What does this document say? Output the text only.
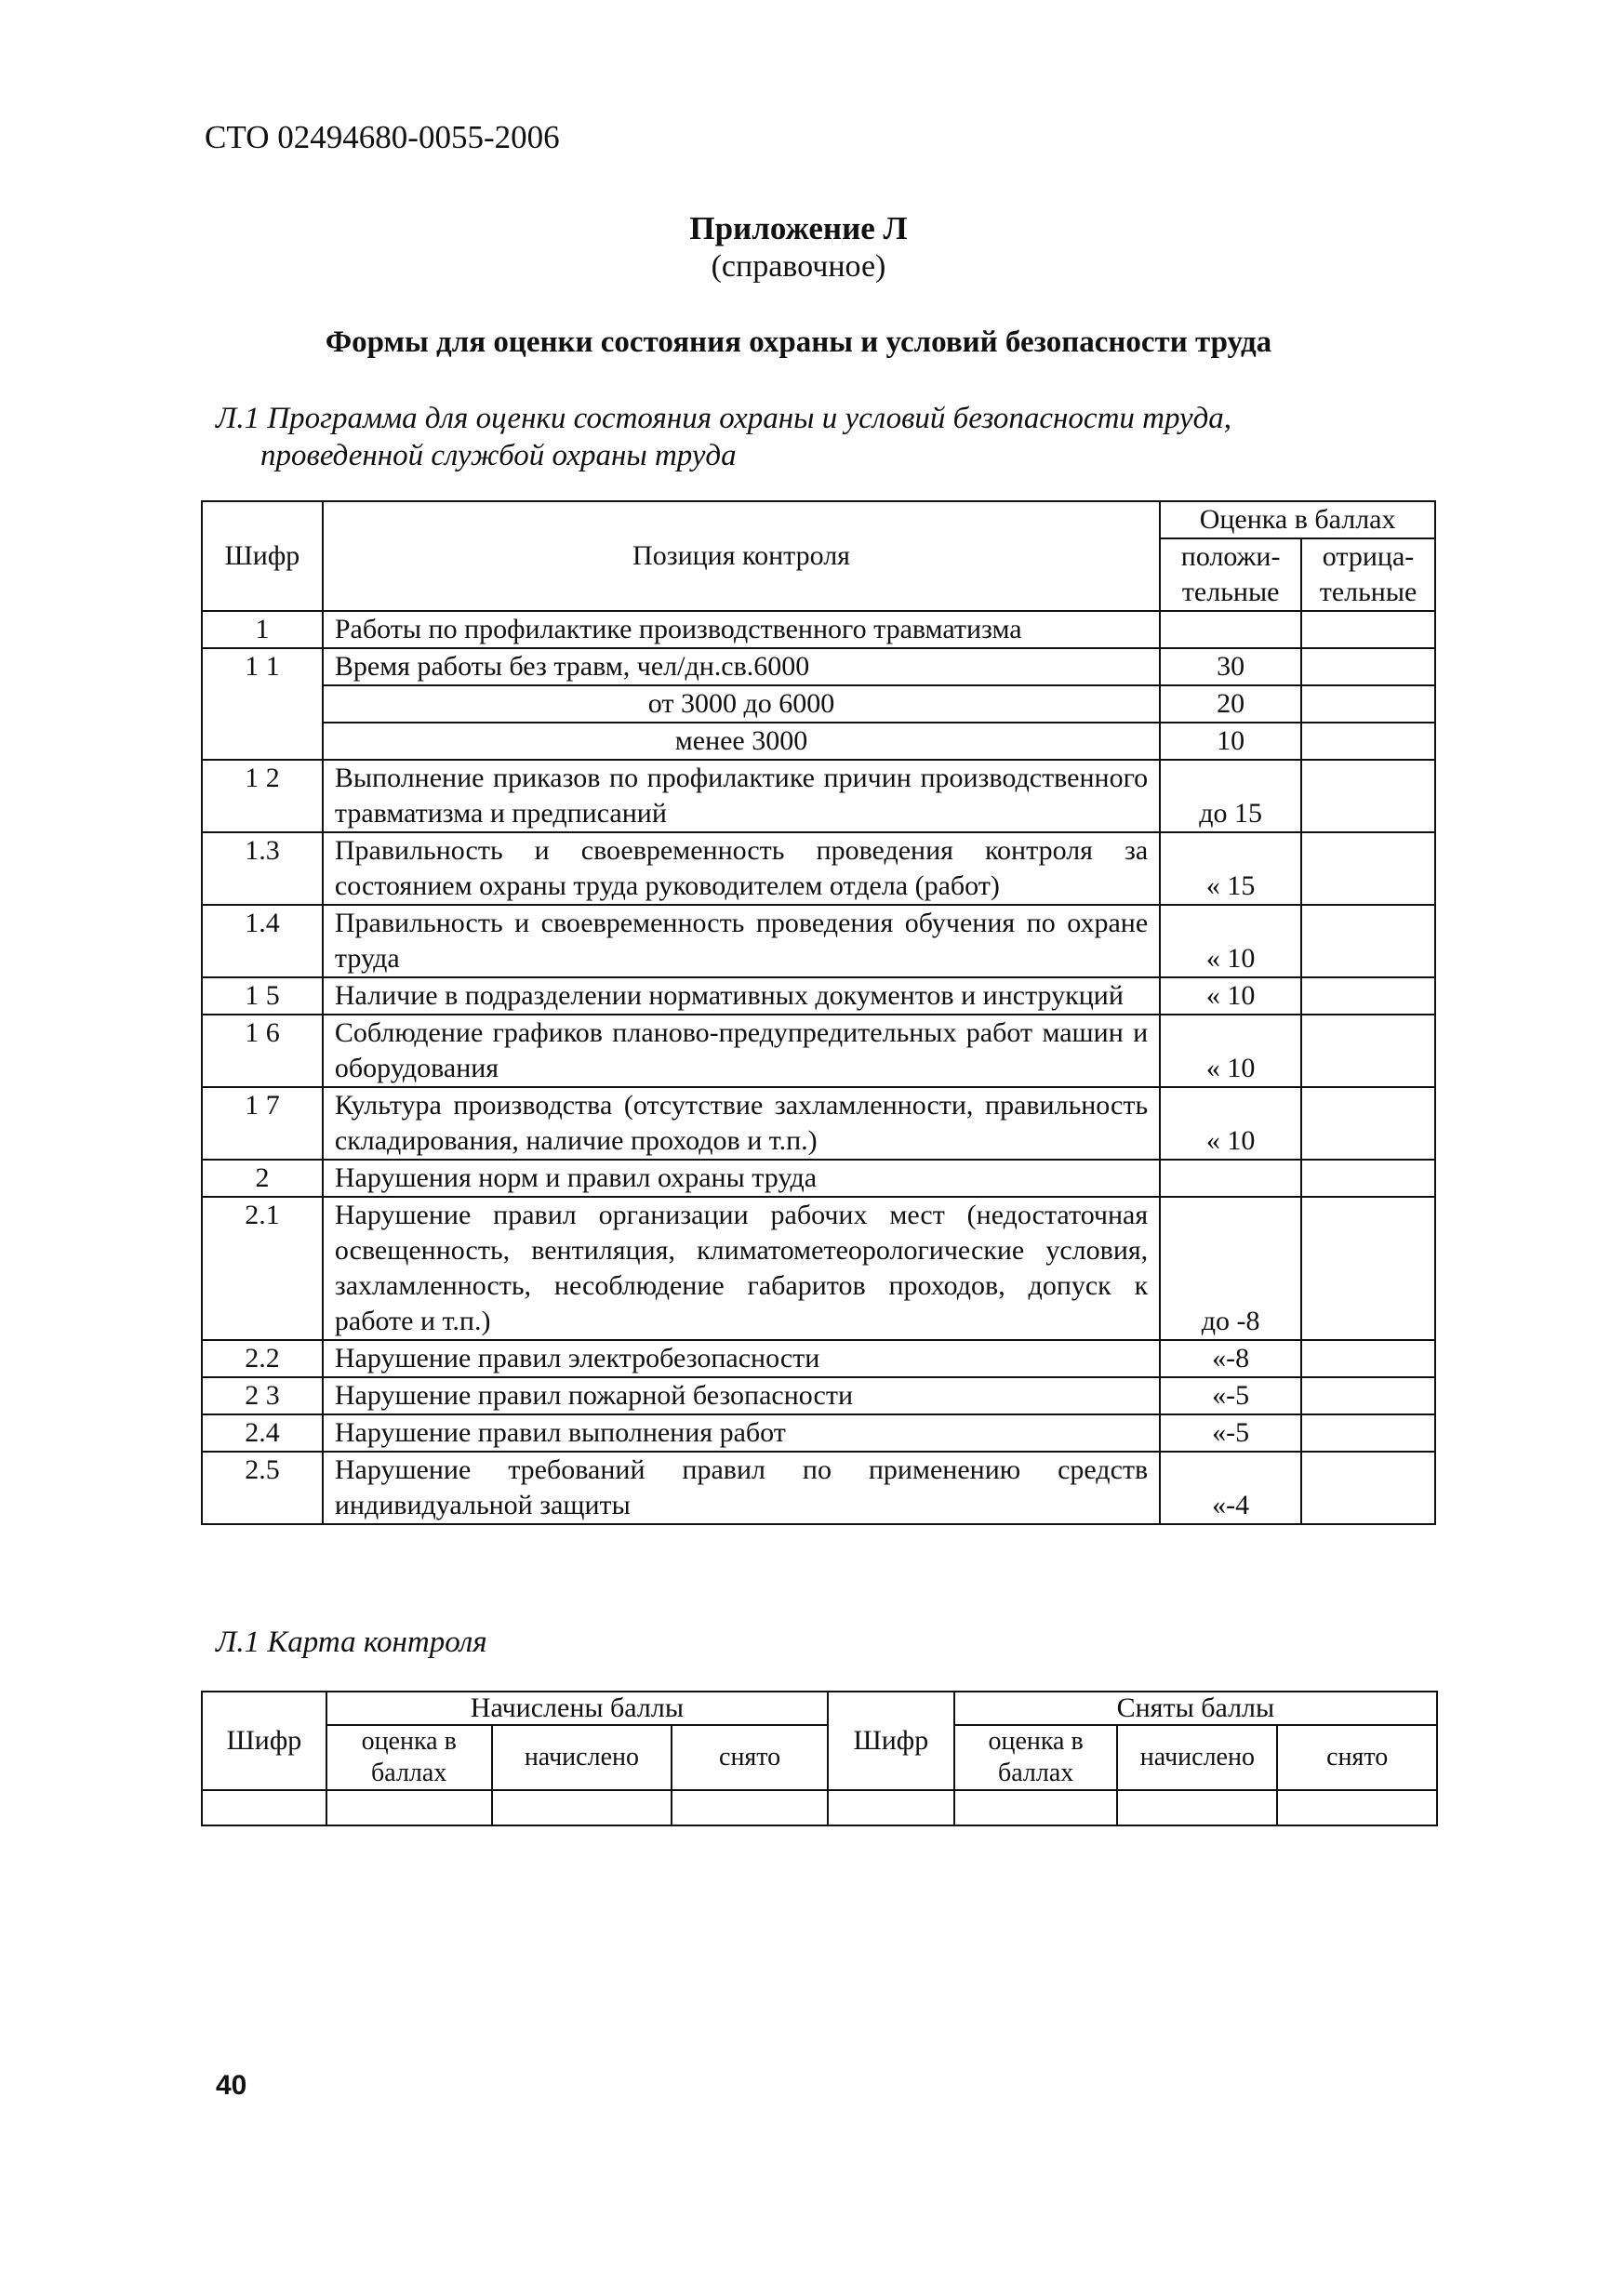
СТО 02494680-0055-2006
Приложение Л
(справочное)
Формы для оценки состояния охраны и условий безопасности труда
Л.1 Программа для оценки состояния охраны и условий безопасности труда,
проведенной службой охраны труда
Шифр	Позиция контроля	Оценка в баллах	
		положи-тельные	отрица-тельные
1	Работы по профилактике производственного травматизма		
1 1	Время работы без травм, чел/дн.св.6000	30	
	от 3000 до 6000	20	
	менее 3000	10	
1 2	Выполнение приказов по профилактике причин производственного травматизма и предписаний	до 15	
1.3	Правильность и своевременность проведения контроля за состоянием охраны труда руководителем отдела (работ)	« 15	
1.4	Правильность и своевременность проведения обучения по охране труда	« 10	
1 5	Наличие в подразделении нормативных документов и инструкций	« 10	
1 6	Соблюдение графиков планово-предупредительных работ машин и оборудования	« 10	
1 7	Культура производства (отсутствие захламленности, правильность складирования, наличие проходов и т.п.)	« 10	
2	Нарушения норм и правил охраны труда		
2.1	Нарушение правил организации рабочих мест (недостаточная освещенность, вентиляция, климатометеорологические условия, захламленность, несоблюдение габаритов проходов, допуск к работе и т.п.)	до -8	
2.2	Нарушение правил электробезопасности	«-8	
2 3	Нарушение правил пожарной безопасности	«-5	
2.4	Нарушение правил выполнения работ	«-5	
2.5	Нарушение требований правил по применению средств индивидуальной защиты	«-4	
Л.1 Карта контроля
Шифр	Начислены баллы			Шифр	Сняты баллы		
	оценка в баллах	начислено	снято		оценка в баллах	начислено	снято

40
